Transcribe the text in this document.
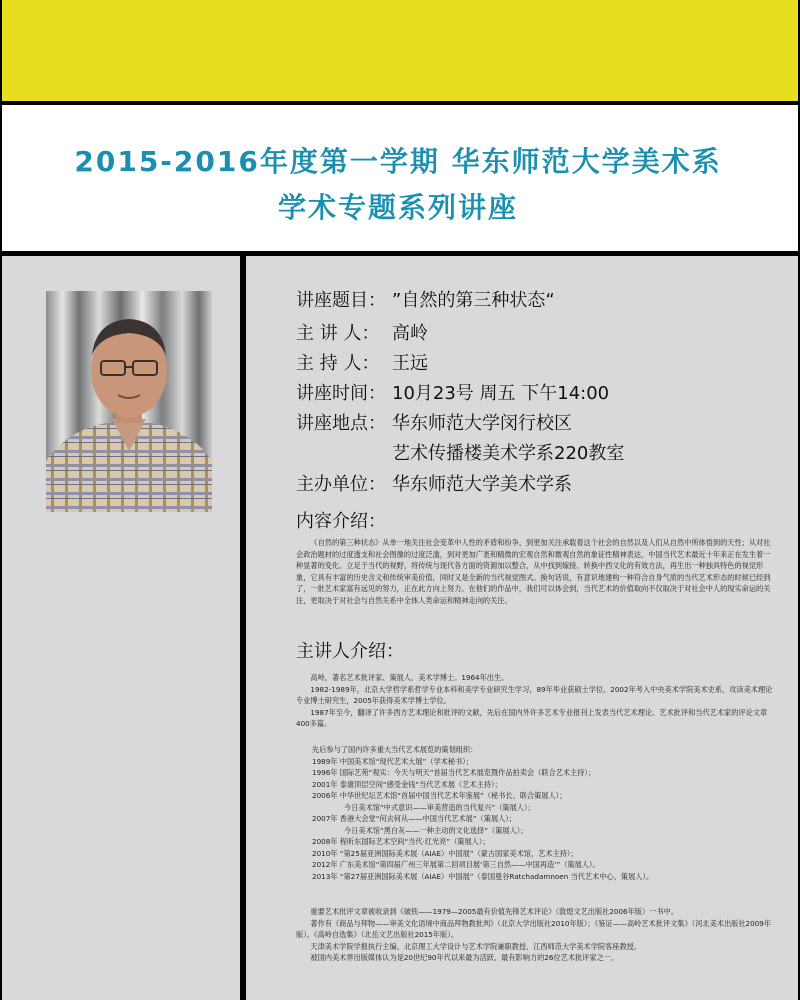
2015-2016年度第一学期 华东师范大学美术系
学术专题系列讲座
讲座题目： ”自然的第三种状态“
主 讲 人： 高岭
主 持 人： 王远
讲座时间： 10月23号 周五 下午14:00
讲座地点： 华东师范大学闵行校区
艺术传播楼美术学系220教室
主办单位： 华东师范大学美术学系
内容介绍：

《自然的第三种状态》从单一地关注社会变革中人性的矛盾和纷争，到更加关注承载着这个社会的自然以及人们从自然中所体悟到的天性；从对社会政治题材的过度透支和社会图像的过度泛滥，到对更加广袤和精微的宏观自然和微观自然的象征性精神表达，中国当代艺术最近十年来正在发生着一种显著的变化。立足于当代的视野，将传统与现代各方面的资源加以整合，从中找到嫁接、转换中西文化的有效方法，再生出一种独具特色的视觉形象，它具有丰富的历史含义和传统审美价值，同时又是全新的当代视觉图式。换句话说，有意识地建构一种符合自身气质的当代艺术形态的时候已经到了，一批艺术家富有远见的努力，正在此方向上努力。在他们的作品中，我们可以体会到，当代艺术的价值取向不仅取决于对社会中人的现实命运的关注，更取决于对社会与自然关系中全体人类命运和精神走向的关注。

主讲人介绍：

高岭，著名艺术批评家、策展人、美术学博士。1964年出生。

1982-1989年，北京大学哲学系哲学专业本科和美学专业研究生学习，89年毕业获硕士学位。2002年考入中央美术学院美术史系，攻读美术理论专业博士研究生，2005年获得美术学博士学位。

1987年至今，翻译了许多西方艺术理论和批评的文献，先后在国内外许多艺术专业报刊上发表当代艺术理论、艺术批评和当代艺术家的评论文章400多篇。

先后参与了国内许多重大当代艺术展览的策划组织：
1989年 中国美术馆“现代艺术大展”（学术秘书）；
1996年 国际艺苑“观实：今天与明天”首届当代艺术展览暨作品拍卖会（联合艺术主持）；
2001年 泰康顶层空间“感受金钱”当代艺术展（艺术主持）；
2006年 中华世纪坛艺术馆“首届中国当代艺术年鉴展”（秘书长、联合策展人）；
今日美术馆“中式意识——审美营造的当代复兴”（策展人）；
2007年 香港大会堂“何去何从——中国当代艺术展”（策展人）；
今日美术馆“黑白灰——一种主动的文化选择”（策展人）；
2008年 程昕东国际艺术空间“当代·红光亮”（策展人）；
2010年 “第25届亚洲国际美术展（AIAE）中国展”（蒙古国家美术馆，艺术主持）；
2012年 广东美术馆“第四届广州三年展第二回项目展‘第三自然——中国再造’”（策展人）。
2013年 “第27届亚洲国际美术展（AIAE）中国展”（泰国曼谷Ratchadamnoen 当代艺术中心，策展人）。

重要艺术批评文章被收录到《破铁——1979—2005最有价值先锋艺术评论》（敦煌文艺出版社2006年版）一书中。

著作有《商品与拜物——审美文化语境中商品拜物教批判》（北京大学出版社2010年版）；《鉴证——高岭艺术批评文集》（河北美术出版社2009年版）。《高岭自选集》（北岳文艺出版社2015年版）。

天津美术学院学报执行主编、北京理工大学设计与艺术学院兼职教授、江西师范大学美术学院客座教授。

被国内美术界出版媒体认为是20世纪90年代以来最为活跃、最有影响力的26位艺术批评家之一。
